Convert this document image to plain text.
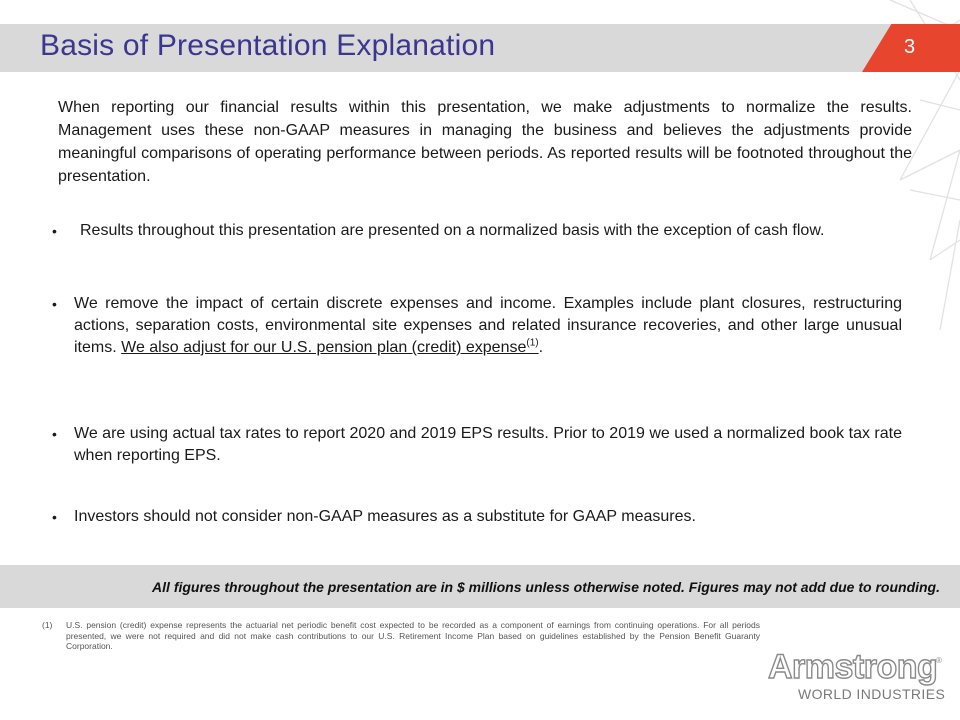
Basis of Presentation Explanation	3

When reporting our financial results within this presentation, we make adjustments to normalize the results. Management uses these non-GAAP measures in managing the business and believes the adjustments provide meaningful comparisons of operating performance between periods. As reported results will be footnoted throughout the presentation.

•	Results throughout this presentation are presented on a normalized basis with the exception of cash flow.
•	We remove the impact of certain discrete expenses and income. Examples include plant closures, restructuring actions, separation costs, environmental site expenses and related insurance recoveries, and other large unusual items. We also adjust for our U.S. pension plan (credit) expense$^{(1)}$.
•	We are using actual tax rates to report 2020 and 2019 EPS results. Prior to 2019 we used a normalized book tax rate when reporting EPS.
•	Investors should not consider non-GAAP measures as a substitute for GAAP measures.
All figures throughout the presentation are in $ millions unless otherwise noted. Figures may not add due to rounding.
(1)	U.S. pension (credit) expense represents the actuarial net periodic benefit cost expected to be recorded as a component of earnings from continuing operations. For all periods presented, we were not required and did not make cash contributions to our U.S. Retirement Income Plan based on guidelines established by the Pension Benefit Guaranty Corporation.
Armstrong
®
WORLD INDUSTRIES
